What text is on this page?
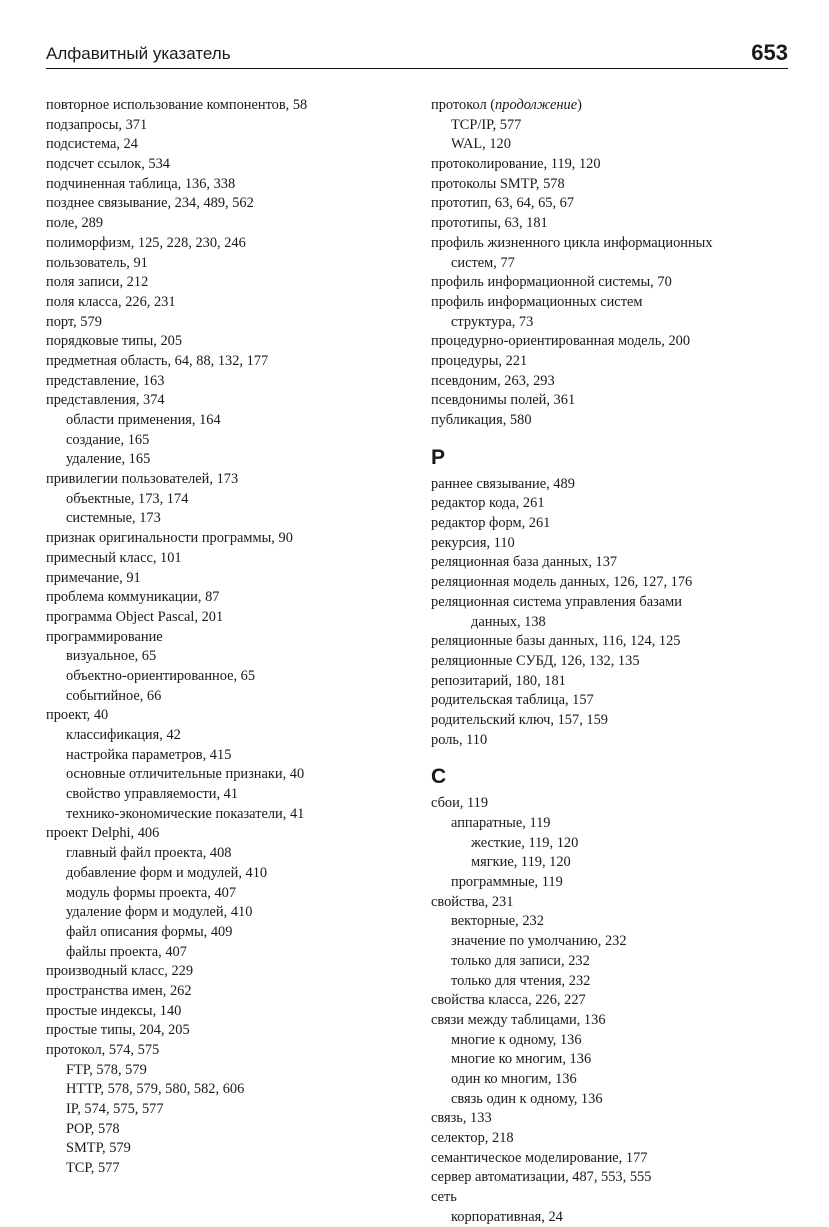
Алфавитный указатель	653
повторное использование компонентов, 58
подзапросы, 371
подсистема, 24
подсчет ссылок, 534
подчиненная таблица, 136, 338
позднее связывание, 234, 489, 562
поле, 289
полиморфизм, 125, 228, 230, 246
пользователь, 91
поля записи, 212
поля класса, 226, 231
порт, 579
порядковые типы, 205
предметная область, 64, 88, 132, 177
представление, 163
представления, 374
области применения, 164
создание, 165
удаление, 165
привилегии пользователей, 173
объектные, 173, 174
системные, 173
признак оригинальности программы, 90
примесный класс, 101
примечание, 91
проблема коммуникации, 87
программа Object Pascal, 201
программирование
визуальное, 65
объектно-ориентированное, 65
событийное, 66
проект, 40
классификация, 42
настройка параметров, 415
основные отличительные признаки, 40
свойство управляемости, 41
технико-экономические показатели, 41
проект Delphi, 406
главный файл проекта, 408
добавление форм и модулей, 410
модуль формы проекта, 407
удаление форм и модулей, 410
файл описания формы, 409
файлы проекта, 407
производный класс, 229
пространства имен, 262
простые индексы, 140
простые типы, 204, 205
протокол, 574, 575
FTP, 578, 579
HTTP, 578, 579, 580, 582, 606
IP, 574, 575, 577
POP, 578
SMTP, 579
TCP, 577
протокол (продолжение)
TCP/IP, 577
WAL, 120
протоколирование, 119, 120
протоколы SMTP, 578
прототип, 63, 64, 65, 67
прототипы, 63, 181
профиль жизненного цикла информационных
систем, 77
профиль информационной системы, 70
профиль информационных систем
структура, 73
процедурно-ориентированная модель, 200
процедуры, 221
псевдоним, 263, 293
псевдонимы полей, 361
публикация, 580
Р
раннее связывание, 489
редактор кода, 261
редактор форм, 261
рекурсия, 110
реляционная база данных, 137
реляционная модель данных, 126, 127, 176
реляционная система управления базами
данных, 138
реляционные базы данных, 116, 124, 125
реляционные СУБД, 126, 132, 135
репозитарий, 180, 181
родительская таблица, 157
родительский ключ, 157, 159
роль, 110
С
сбои, 119
аппаратные, 119
жесткие, 119, 120
мягкие, 119, 120
программные, 119
свойства, 231
векторные, 232
значение по умолчанию, 232
только для записи, 232
только для чтения, 232
свойства класса, 226, 227
связи между таблицами, 136
многие к одному, 136
многие ко многим, 136
один ко многим, 136
связь один к одному, 136
связь, 133
селектор, 218
семантическое моделирование, 177
сервер автоматизации, 487, 553, 555
сеть
корпоративная, 24
